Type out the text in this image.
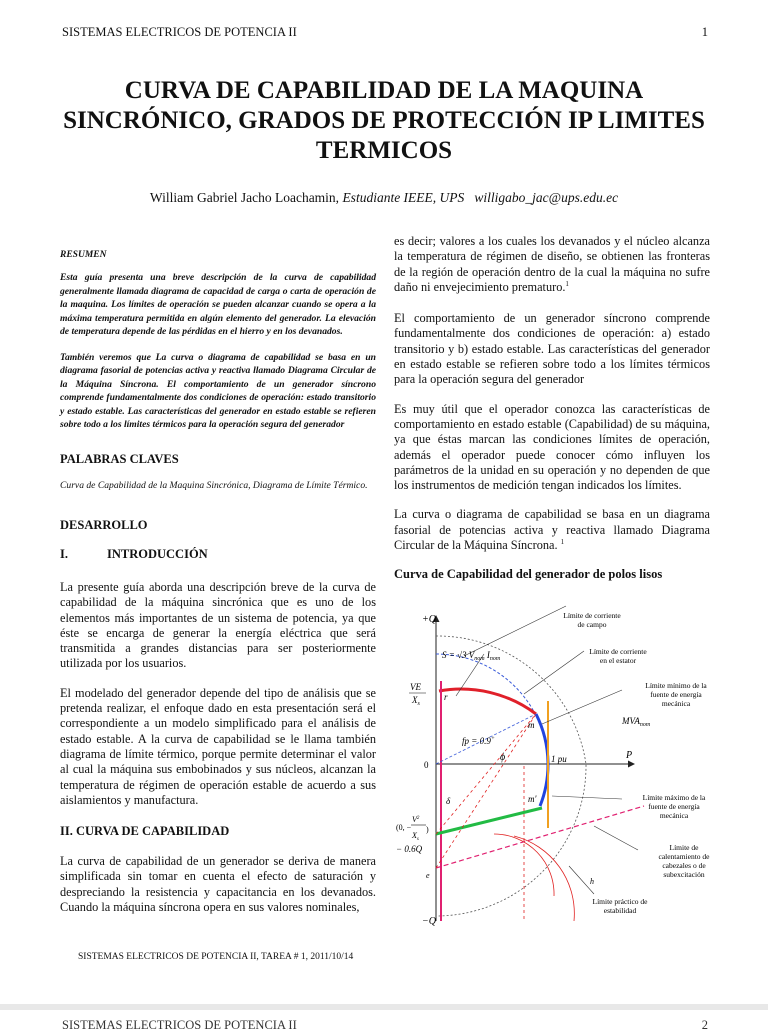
SISTEMAS ELECTRICOS DE POTENCIA II	1
CURVA DE CAPABILIDAD DE LA MAQUINA SINCRÓNICO, GRADOS DE PROTECCIÓN IP LIMITES TERMICOS
William Gabriel Jacho Loachamin, Estudiante IEEE, UPS willigabo_jac@ups.edu.ec
RESUMEN

Esta guía presenta una breve descripción de la curva de capabilidad generalmente llamada diagrama de capacidad de carga o carta de operación de la maquina. Los límites de operación se pueden alcanzar cuando se opera a la máxima temperatura permitida en algún elemento del generador. La elevación de temperatura depende de las pérdidas en el hierro y en los devanados.

También veremos que La curva o diagrama de capabilidad se basa en un diagrama fasorial de potencias activa y reactiva llamado Diagrama Circular de la Máquina Síncrona. El comportamiento de un generador síncrono comprende fundamentalmente dos condiciones de operación: estado transitorio y estado estable. Las características del generador en estado estable se refieren sobre todo a los límites térmicos para la operación segura del generador

PALABRAS CLAVES

Curva de Capabilidad de la Maquina Sincrónica, Diagrama de Límite Térmico.

DESARROLLO
I.	INTRODUCCIÓN

La presente guía aborda una descripción breve de la curva de capabilidad de la máquina sincrónica que es uno de los elementos más importantes de un sistema de potencia, ya que éste se encarga de generar la energía eléctrica que será transmitida a grandes distancias para ser posteriormente utilizada por los usuarios.

El modelado del generador depende del tipo de análisis que se pretenda realizar, el enfoque dado en esta presentación será el correspondiente a un modelo simplificado para el análisis de estado estable. A la curva de capabilidad se le llama también diagrama de límite térmico, porque permite determinar el valor al cual la máquina sus embobinados y sus núcleos, alcanzan la temperatura de régimen de operación estable de acuerdo a sus aislamientos y manufactura.

II. CURVA DE CAPABILIDAD

La curva de capabilidad de un generador se deriva de manera simplificada sin tomar en cuenta el efecto de saturación y despreciando la resistencia y capacitancia en los devanados. Cuando la máquina síncrona opera en sus valores nominales,

es decir; valores a los cuales los devanados y el núcleo alcanza la temperatura de régimen de diseño, se obtienen las fronteras de la región de operación dentro de la cual la máquina no sufre daño ni envejecimiento prematuro.$^1$

El comportamiento de un generador síncrono comprende fundamentalmente dos condiciones de operación: a) estado transitorio y b) estado estable. Las características del generador en estado estable se refieren sobre todo a los límites térmicos para la operación segura del generador

Es muy útil que el operador conozca las características de comportamiento en estado estable (Capabilidad) de su máquina, ya que éstas marcan las condiciones límites de operación, además el operador puede conocer cómo influyen los parámetros de la unidad en su operación y no dependen de que los instrumentos de medición tengan indicados los límites.

La curva o diagrama de capabilidad se basa en un diagrama fasorial de potencias activa y reactiva llamado Diagrama Circular de la Máquina Síncrona. $^1$

Curva de Capabilidad del generador de polos lisos
+Q
−Q
P
0
S = √3 $V_{nom}$ $I_{nom}$
VE
$X_s$
r
m
m'
fp = 0.9+
ϕ
δ
1 pu
$MVA_{nom}$
$V^2$
(0, −
$X_s$
)
− 0.6Q
e
h
Límite de corriente
de campo
Límite de corriente
en el estator
Límite mínimo de la
fuente de energía
mecánica
Límite máximo de la
fuente de energía
mecánica
Límite de
calentamiento de
cabezales o de
subexcitación
Límite práctico de
estabilidad
SISTEMAS ELECTRICOS DE POTENCIA II, TAREA # 1, 2011/10/14
SISTEMAS ELECTRICOS DE POTENCIA II	2
